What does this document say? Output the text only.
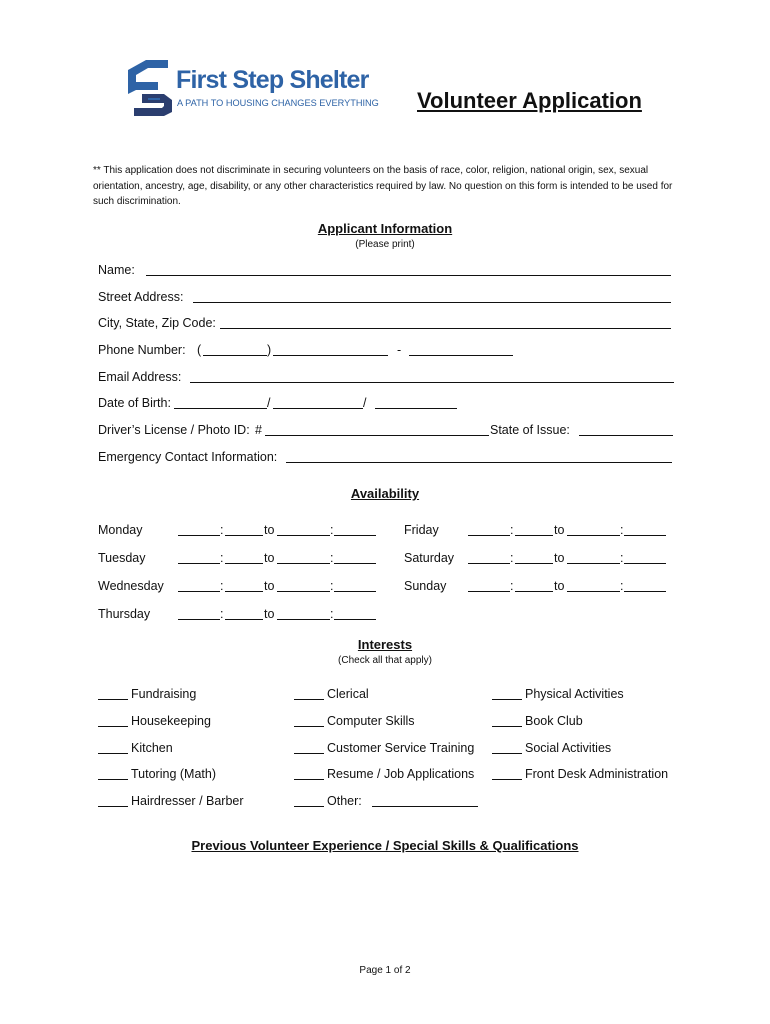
First Step Shelter
A PATH TO HOUSING CHANGES EVERYTHING Volunteer Application
** This application does not discriminate in securing volunteers on the basis of race, color, religion, national origin, sex, sexual orientation, ancestry, age, disability, or any other characteristics required by law. No question on this form is intended to be used for such discrimination.
Applicant Information
(Please print)
Name:
Street Address:
City, State, Zip Code:
Phone Number: (	)	-
Email Address:
Date of Birth:	/	/
Driver’s License / Photo ID: #	State of Issue:
Emergency Contact Information:
Availability
Monday	:	to	:
Tuesday	:	to	:
Wednesday	:	to	:
Thursday	:	to	:
Friday	:	to	:
Saturday	:	to	:
Sunday	:	to	:
Interests
(Check all that apply)
Fundraising
Housekeeping
Kitchen
Tutoring (Math)
Hairdresser / Barber
Clerical
Computer Skills
Customer Service Training
Resume / Job Applications
Other:
Physical Activities
Book Club
Social Activities
Front Desk Administration
Previous Volunteer Experience / Special Skills & Qualifications
Page 1 of 2
